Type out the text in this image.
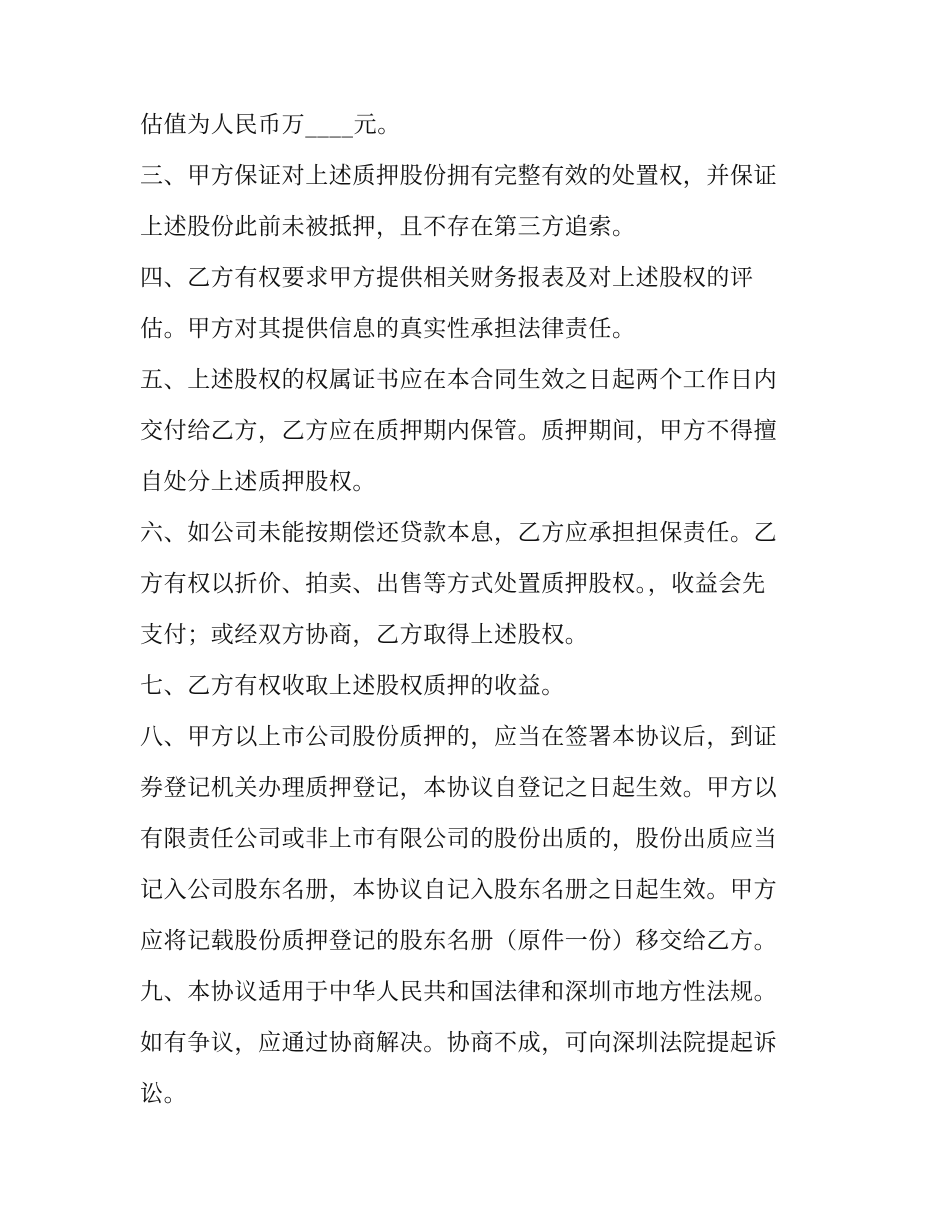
估值为人民币万____元。
三、甲方保证对上述质押股份拥有完整有效的处置权，并保证
上述股份此前未被抵押，且不存在第三方追索。
四、乙方有权要求甲方提供相关财务报表及对上述股权的评
估。甲方对其提供信息的真实性承担法律责任。
五、上述股权的权属证书应在本合同生效之日起两个工作日内
交付给乙方，乙方应在质押期内保管。质押期间，甲方不得擅
自处分上述质押股权。
六、如公司未能按期偿还贷款本息，乙方应承担担保责任。乙
方有权以折价、拍卖、出售等方式处置质押股权。，收益会先
支付；或经双方协商，乙方取得上述股权。
七、乙方有权收取上述股权质押的收益。
八、甲方以上市公司股份质押的，应当在签署本协议后，到证
券登记机关办理质押登记，本协议自登记之日起生效。甲方以
有限责任公司或非上市有限公司的股份出质的，股份出质应当
记入公司股东名册，本协议自记入股东名册之日起生效。甲方
应将记载股份质押登记的股东名册（原件一份）移交给乙方。
九、本协议适用于中华人民共和国法律和深圳市地方性法规。
如有争议，应通过协商解决。协商不成，可向深圳法院提起诉
讼。
